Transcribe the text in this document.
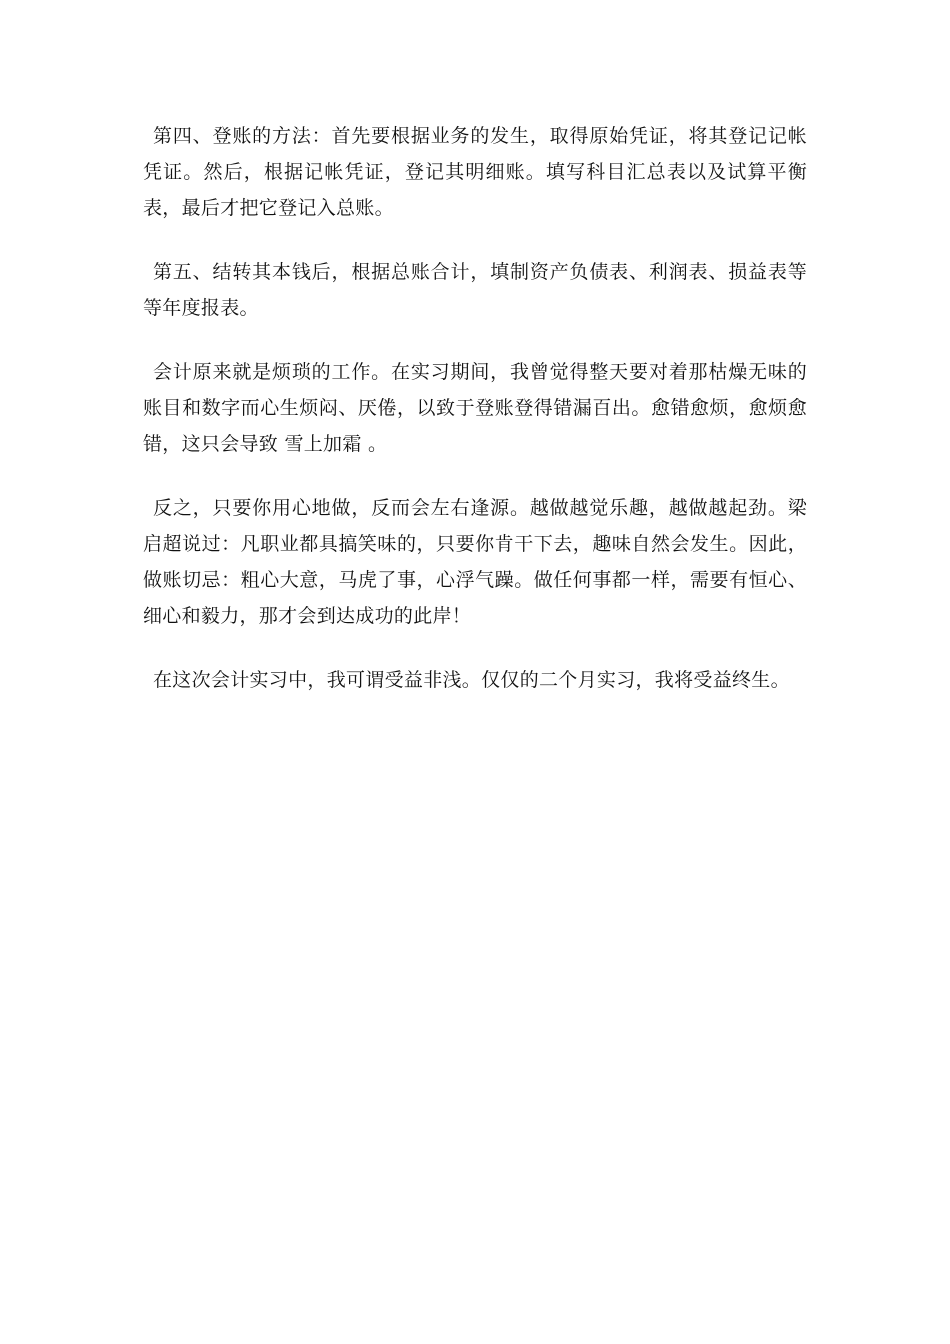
第四、登账的方法：首先要根据业务的发生，取得原始凭证，将其登记记帐凭证。然后，根据记帐凭证，登记其明细账。填写科目汇总表以及试算平衡表，最后才把它登记入总账。

第五、结转其本钱后，根据总账合计，填制资产负债表、利润表、损益表等等年度报表。

会计原来就是烦琐的工作。在实习期间，我曾觉得整天要对着那枯燥无味的账目和数字而心生烦闷、厌倦，以致于登账登得错漏百出。愈错愈烦，愈烦愈错，这只会导致 雪上加霜 。

反之，只要你用心地做，反而会左右逢源。越做越觉乐趣，越做越起劲。梁启超说过：凡职业都具搞笑味的，只要你肯干下去，趣味自然会发生。因此，做账切忌：粗心大意，马虎了事，心浮气躁。做任何事都一样，需要有恒心、细心和毅力，那才会到达成功的此岸！

在这次会计实习中，我可谓受益非浅。仅仅的二个月实习，我将受益终生。
